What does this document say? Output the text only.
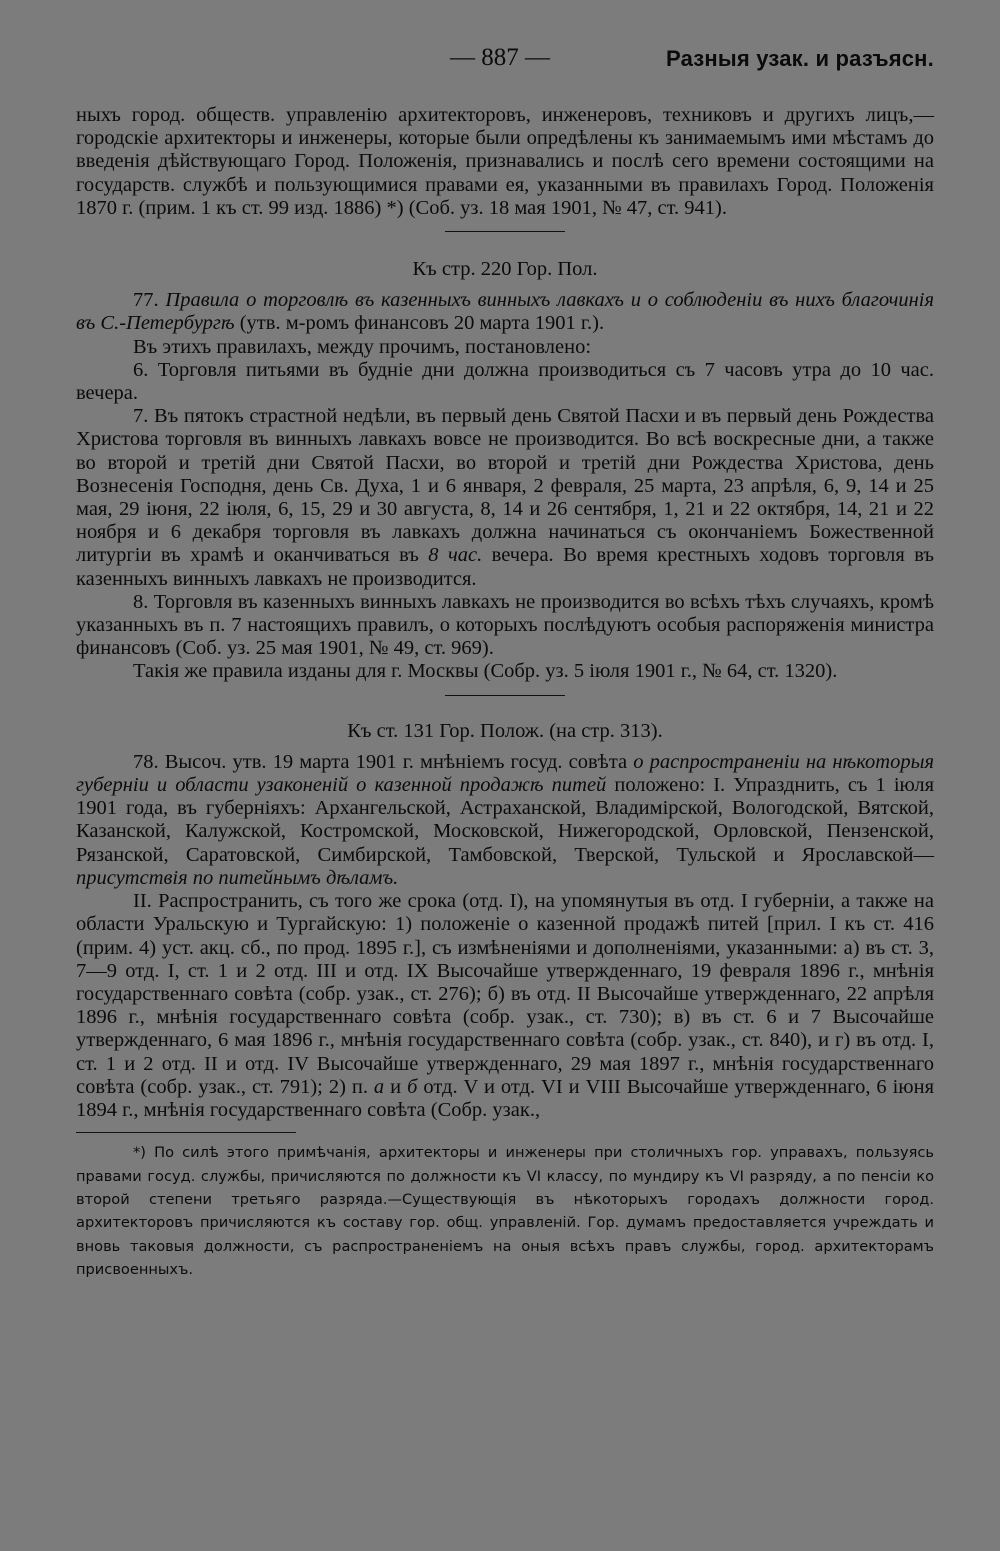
— 887 —	Разныя узак. и разъясн.

ныхъ город. обществ. управленію архитекторовъ, инженеровъ, техниковъ и другихъ лицъ,— городскіе архитекторы и инженеры, которые были опредѣлены къ занимаемымъ ими мѣстамъ до введенія дѣйствующаго Город. Положенія, признавались и послѣ сего времени состоящими на государств. службѣ и пользующимися правами ея, указанными въ правилахъ Город. Положенія 1870 г. (прим. 1 къ ст. 99 изд. 1886) *) (Соб. уз. 18 мая 1901, № 47, ст. 941).

Къ стр. 220 Гор. Пол.

77. Правила о торговлѣ въ казенныхъ винныхъ лавкахъ и о соблюденіи въ нихъ благочинія въ С.-Петербургѣ (утв. м-ромъ финансовъ 20 марта 1901 г.).

Въ этихъ правилахъ, между прочимъ, постановлено:

6. Торговля питьями въ будніе дни должна производиться съ 7 часовъ утра до 10 час. вечера.

7. Въ пятокъ страстной недѣли, въ первый день Святой Пасхи и въ первый день Рождества Христова торговля въ винныхъ лавкахъ вовсе не производится. Во всѣ воскресные дни, а также во второй и третій дни Святой Пасхи, во второй и третій дни Рождества Христова, день Вознесенія Господня, день Св. Духа, 1 и 6 января, 2 февраля, 25 марта, 23 апрѣля, 6, 9, 14 и 25 мая, 29 іюня, 22 іюля, 6, 15, 29 и 30 августа, 8, 14 и 26 сентября, 1, 21 и 22 октября, 14, 21 и 22 ноября и 6 декабря торговля въ лавкахъ должна начинаться съ окончаніемъ Божественной литургіи въ храмѣ и оканчиваться въ 8 час. вечера. Во время крестныхъ ходовъ торговля въ казенныхъ винныхъ лавкахъ не производится.

8. Торговля въ казенныхъ винныхъ лавкахъ не производится во всѣхъ тѣхъ случаяхъ, кромѣ указанныхъ въ п. 7 настоящихъ правилъ, о которыхъ послѣдуютъ особыя распоряженія министра финансовъ (Соб. уз. 25 мая 1901, № 49, ст. 969).

Такія же правила изданы для г. Москвы (Собр. уз. 5 іюля 1901 г., № 64, ст. 1320).

Къ ст. 131 Гор. Полож. (на стр. 313).

78. Высоч. утв. 19 марта 1901 г. мнѣніемъ госуд. совѣта о распространеніи на нѣкоторыя губерніи и области узаконеній о казенной продажѣ питей положено: I. Упразднить, съ 1 іюля 1901 года, въ губерніяхъ: Архангельской, Астраханской, Владимірской, Вологодской, Вятской, Казанской, Калужской, Костромской, Московской, Нижегородской, Орловской, Пензенской, Рязанской, Саратовской, Симбирской, Тамбовской, Тверской, Тульской и Ярославской—присутствія по питейнымъ дѣламъ.

II. Распространить, съ того же срока (отд. I), на упомянутыя въ отд. I губерніи, а также на области Уральскую и Тургайскую: 1) положеніе о казенной продажѣ питей [прил. I къ ст. 416 (прим. 4) уст. акц. сб., по прод. 1895 г.], съ измѣненіями и дополненіями, указанными: а) въ ст. 3, 7—9 отд. I, ст. 1 и 2 отд. III и отд. IX Высочайше утвержденнаго, 19 февраля 1896 г., мнѣнія государственнаго совѣта (собр. узак., ст. 276); б) въ отд. II Высочайше утвержденнаго, 22 апрѣля 1896 г., мнѣнія государственнаго совѣта (собр. узак., ст. 730); в) въ ст. 6 и 7 Высочайше утвержденнаго, 6 мая 1896 г., мнѣнія государственнаго совѣта (собр. узак., ст. 840), и г) въ отд. I, ст. 1 и 2 отд. II и отд. IV Высочайше утвержденнаго, 29 мая 1897 г., мнѣнія государственнаго совѣта (собр. узак., ст. 791); 2) п. а и б отд. V и отд. VI и VIII Высочайше утвержденнаго, 6 іюня 1894 г., мнѣнія государственнаго совѣта (Собр. узак.,

*) По силѣ этого примѣчанія, архитекторы и инженеры при столичныхъ гор. управахъ, пользуясь правами госуд. службы, причисляются по должности къ VI классу, по мундиру къ VI разряду, а по пенсіи ко второй степени третьяго разряда.—Существующія въ нѣкоторыхъ городахъ должности город. архитекторовъ причисляются къ составу гор. общ. управленій. Гор. думамъ предоставляется учреждать и вновь таковыя должности, съ распространеніемъ на оныя всѣхъ правъ службы, город. архитекторамъ присвоенныхъ.
